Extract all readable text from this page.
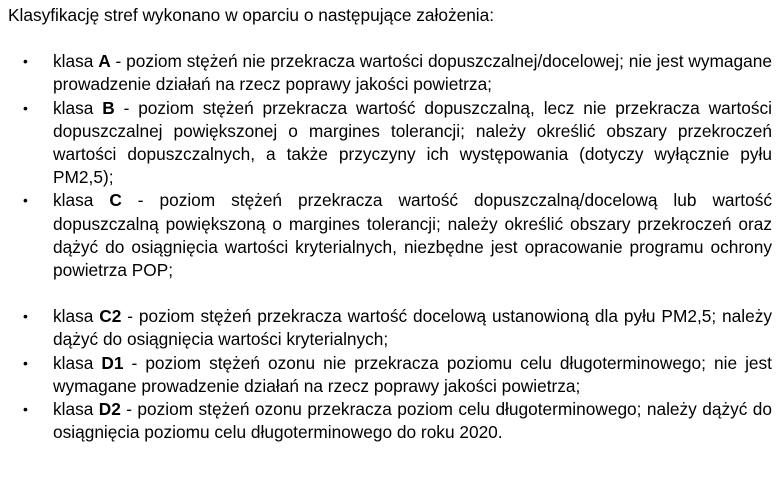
Klasyfikację stref wykonano w oparciu o następujące założenia:

•
klasa A - poziom stężeń nie przekracza wartości dopuszczalnej/docelowej; nie jest wymagane prowadzenie działań na rzecz poprawy jakości powietrza;
•
klasa B - poziom stężeń przekracza wartość dopuszczalną, lecz nie przekracza wartości dopuszczalnej powiększonej o margines tolerancji; należy określić obszary przekroczeń wartości dopuszczalnych, a także przyczyny ich występowania (dotyczy wyłącznie pyłu PM2,5);
•
klasa C - poziom stężeń przekracza wartość dopuszczalną/docelową lub wartość dopuszczalną powiększoną o margines tolerancji; należy określić obszary przekroczeń oraz dążyć do osiągnięcia wartości kryterialnych, niezbędne jest opracowanie programu ochrony powietrza POP;
•
klasa C2 - poziom stężeń przekracza wartość docelową ustanowioną dla pyłu PM2,5; należy dążyć do osiągnięcia wartości kryterialnych;
•
klasa D1 - poziom stężeń ozonu nie przekracza poziomu celu długoterminowego; nie jest wymagane prowadzenie działań na rzecz poprawy jakości powietrza;
•
klasa D2 - poziom stężeń ozonu przekracza poziom celu długoterminowego; należy dążyć do osiągnięcia poziomu celu długoterminowego do roku 2020.
